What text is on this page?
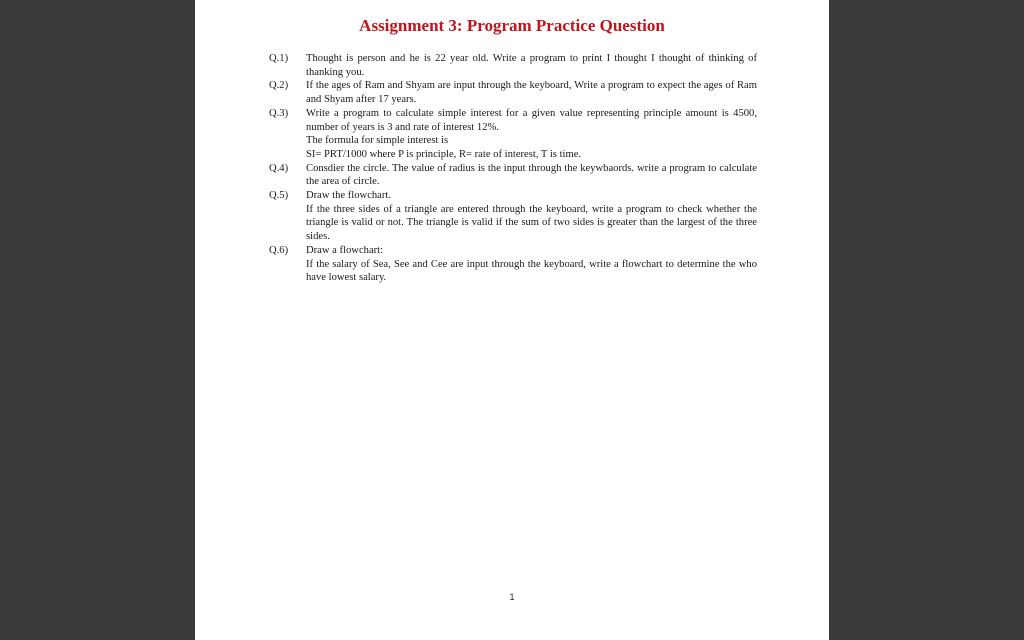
Assignment 3: Program Practice Question
Q.1)	Thought is person and he is 22 year old. Write a program to print I thought I thought of thinking of thanking you.

Q.2)	If the ages of Ram and Shyam are input through the keyboard, Write a program to expect the ages of Ram and Shyam after 17 years.

Q.3)	Write a program to calculate simple interest for a given value representing principle amount is 4500, number of years is 3 and rate of interest 12%.

The formula for simple interest is

SI= PRT/1000 where P is principle, R= rate of interest, T is time.

Q.4)	Consdier the circle. The value of radius is the input through the keywbaords. write a program to calculate the area of circle.

Q.5)	Draw the flowchart.

If the three sides of a triangle are entered through the keyboard, write a program to check whether the triangle is valid or not. The triangle is valid if the sum of two sides is greater than the largest of the three sides.

Q.6)	Draw a flowchart:

If the salary of Sea, See and Cee are input through the keyboard, write a flowchart to determine the who have lowest salary.

1
